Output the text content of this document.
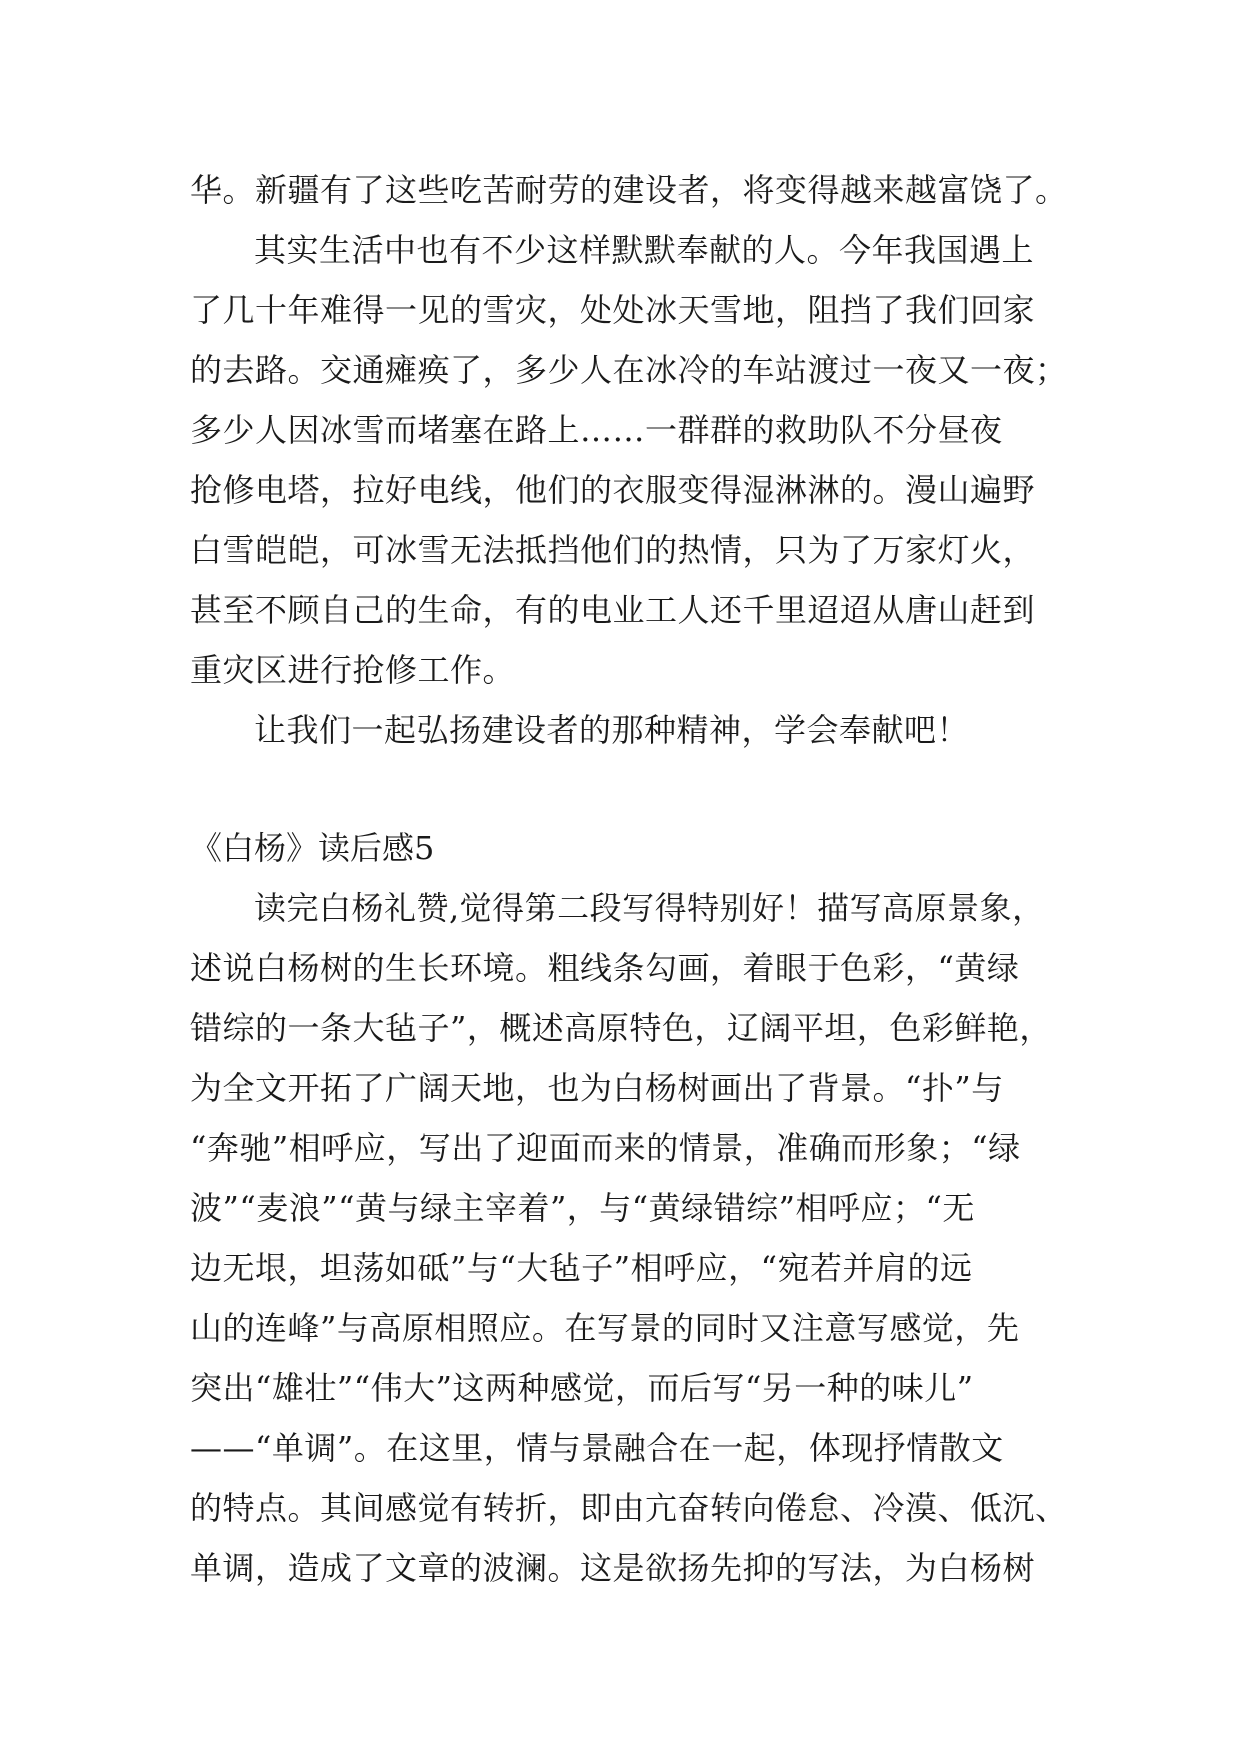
华。新疆有了这些吃苦耐劳的建设者，将变得越来越富饶了。
其实生活中也有不少这样默默奉献的人。今年我国遇上
了几十年难得一见的雪灾，处处冰天雪地，阻挡了我们回家
的去路。交通瘫痪了，多少人在冰冷的车站渡过一夜又一夜；
多少人因冰雪而堵塞在路上……一群群的救助队不分昼夜
抢修电塔，拉好电线，他们的衣服变得湿淋淋的。漫山遍野
白雪皑皑，可冰雪无法抵挡他们的热情，只为了万家灯火，
甚至不顾自己的生命，有的电业工人还千里迢迢从唐山赶到
重灾区进行抢修工作。
让我们一起弘扬建设者的那种精神，学会奉献吧！
《白杨》读后感5
读完白杨礼赞,觉得第二段写得特别好！描写高原景象，
述说白杨树的生长环境。粗线条勾画，着眼于色彩，“黄绿
错综的一条大毡子”，概述高原特色，辽阔平坦，色彩鲜艳，
为全文开拓了广阔天地，也为白杨树画出了背景。“扑”与
“奔驰”相呼应，写出了迎面而来的情景，准确而形象；“绿
波”“麦浪”“黄与绿主宰着”，与“黄绿错综”相呼应；“无
边无垠，坦荡如砥”与“大毡子”相呼应，“宛若并肩的远
山的连峰”与高原相照应。在写景的同时又注意写感觉，先
突出“雄壮”“伟大”这两种感觉，而后写“另一种的味儿”
——“单调”。在这里，情与景融合在一起，体现抒情散文
的特点。其间感觉有转折，即由亢奋转向倦怠、冷漠、低沉、
单调，造成了文章的波澜。这是欲扬先抑的写法，为白杨树
